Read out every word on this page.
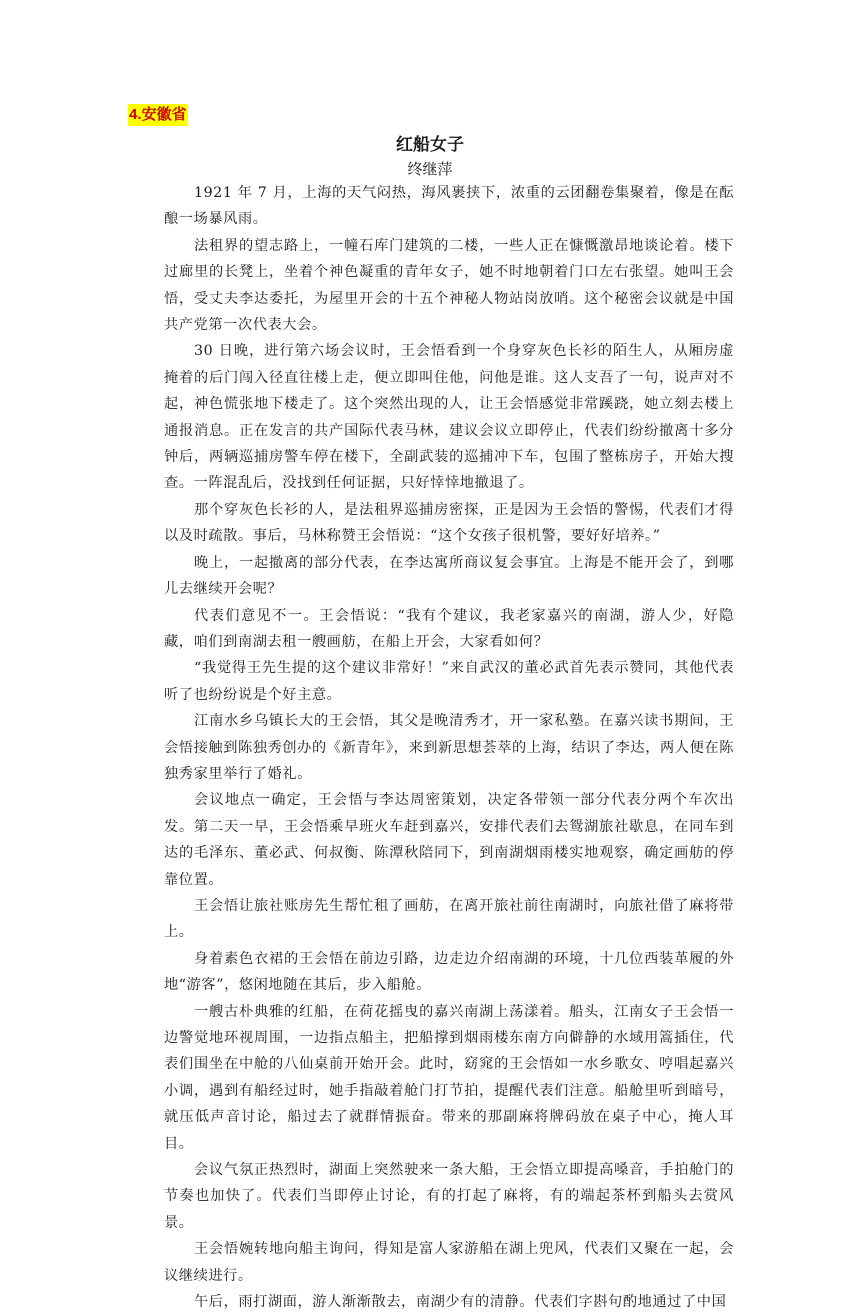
4.安徽省
红船女子
终继萍

1921 年 7 月，上海的天气闷热，海风裹挟下，浓重的云团翻卷集聚着，像是在酝酿一场暴风雨。

法租界的望志路上，一幢石库门建筑的二楼，一些人正在慷慨激昂地谈论着。楼下过廊里的长凳上，坐着个神色凝重的青年女子，她不时地朝着门口左右张望。她叫王会悟，受丈夫李达委托，为屋里开会的十五个神秘人物站岗放哨。这个秘密会议就是中国共产党第一次代表大会。

30 日晚，进行第六场会议时，王会悟看到一个身穿灰色长衫的陌生人，从厢房虚掩着的后门闯入径直往楼上走，便立即叫住他，问他是谁。这人支吾了一句，说声对不起，神色慌张地下楼走了。这个突然出现的人，让王会悟感觉非常蹊跷，她立刻去楼上通报消息。正在发言的共产国际代表马林，建议会议立即停止，代表们纷纷撤离十多分钟后，两辆巡捕房警车停在楼下，全副武装的巡捕冲下车，包围了整栋房子，开始大搜查。一阵混乱后，没找到任何证据，只好悻悻地撤退了。

那个穿灰色长衫的人，是法租界巡捕房密探，正是因为王会悟的警惕，代表们才得以及时疏散。事后，马林称赞王会悟说：“这个女孩子很机警，要好好培养。”

晚上，一起撤离的部分代表，在李达寓所商议复会事宜。上海是不能开会了，到哪儿去继续开会呢？

代表们意见不一。王会悟说：“我有个建议，我老家嘉兴的南湖，游人少，好隐藏，咱们到南湖去租一艘画舫，在船上开会，大家看如何？

“我觉得王先生提的这个建议非常好！”来自武汉的董必武首先表示赞同，其他代表听了也纷纷说是个好主意。

江南水乡乌镇长大的王会悟，其父是晚清秀才，开一家私塾。在嘉兴读书期间，王会悟接触到陈独秀创办的《新青年》，来到新思想荟萃的上海，结识了李达，两人便在陈独秀家里举行了婚礼。

会议地点一确定，王会悟与李达周密策划，决定各带领一部分代表分两个车次出发。第二天一早，王会悟乘早班火车赶到嘉兴，安排代表们去鸳湖旅社歇息，在同车到达的毛泽东、董必武、何叔衡、陈潭秋陪同下，到南湖烟雨楼实地观察，确定画舫的停靠位置。

王会悟让旅社账房先生帮忙租了画舫，在离开旅社前往南湖时，向旅社借了麻将带上。

身着素色衣裙的王会悟在前边引路，边走边介绍南湖的环境，十几位西装革履的外地“游客”，悠闲地随在其后，步入船舱。

一艘古朴典雅的红船，在荷花摇曳的嘉兴南湖上荡漾着。船头，江南女子王会悟一边警觉地环视周围，一边指点船主，把船撑到烟雨楼东南方向僻静的水域用篙插住，代表们围坐在中舱的八仙桌前开始开会。此时，窈窕的王会悟如一水乡歌女、哼唱起嘉兴小调，遇到有船经过时，她手指敲着舱门打节拍，提醒代表们注意。船舱里听到暗号，就压低声音讨论，船过去了就群情振奋。带来的那副麻将牌码放在桌子中心，掩人耳目。

会议气氛正热烈时，湖面上突然驶来一条大船，王会悟立即提高嗓音，手拍舱门的节奏也加快了。代表们当即停止讨论，有的打起了麻将，有的端起茶杯到船头去赏风景。

王会悟婉转地向船主询问，得知是富人家游船在湖上兜风，代表们又聚在一起，会议继续进行。

午后，雨打湖面，游人渐渐散去，南湖少有的清静。代表们字斟句酌地通过了中国
